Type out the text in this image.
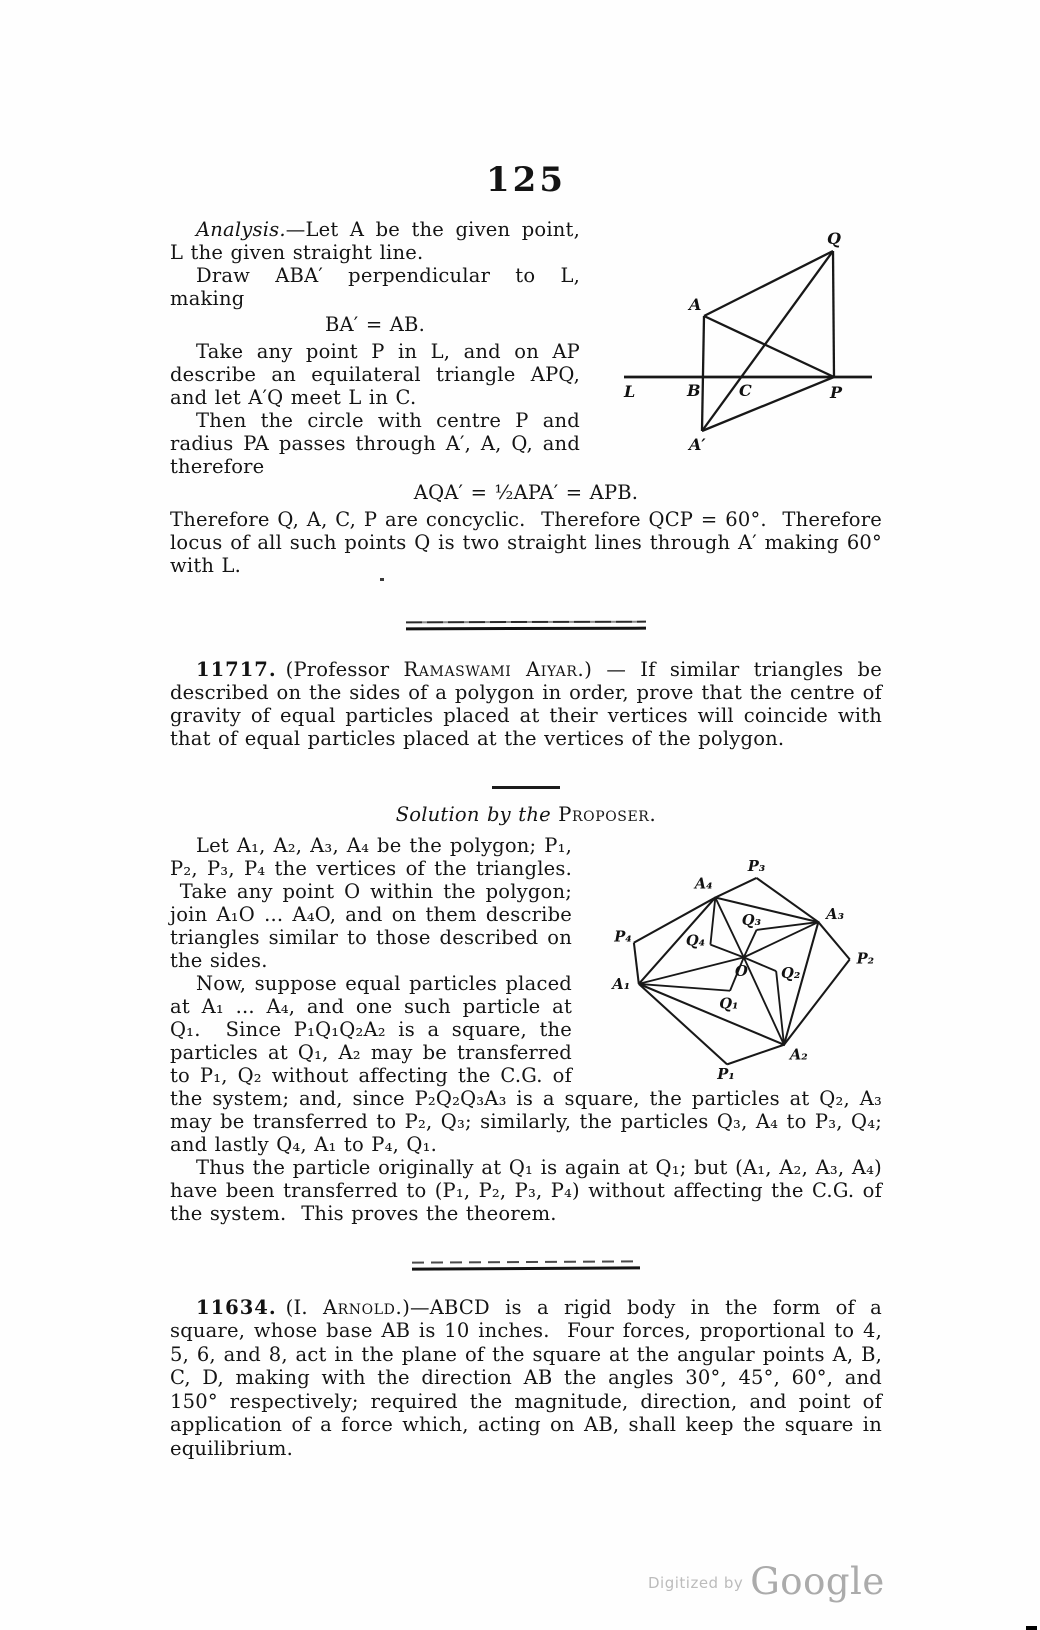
125
Q
A
L	B C	P
A′

Analysis.—Let A be the given point, L the given straight line.

Draw ABA′ perpendicular to L, making

BA′ = AB.

Take any point P in L, and on AP describe an equilateral triangle APQ, and let A′Q meet L in C.

Then the circle with centre P and radius PA passes through A′, A, Q, and therefore

AQA′ = ½APA′ = APB.

Therefore Q, A, C, P are concyclic.  Therefore QCP = 60°.  Therefore locus of all such points Q is two straight lines through A′ making 60° with L.

11717. (Professor Ramaswami Aiyar.) — If similar triangles be described on the sides of a polygon in order, prove that the centre of gravity of equal particles placed at their vertices will coincide with that of equal particles placed at the vertices of the polygon.

Solution by the Proposer.

P₃
A₄
A₃
P₄
Q₃
Q₄
P₂
O Q₂
A₁
Q₁
A₂
P₁

Let A₁, A₂, A₃, A₄ be the polygon; P₁, P₂, P₃, P₄ the vertices of the triangles.  Take any point O within the polygon; join A₁O ... A₄O, and on them describe triangles similar to those described on the sides.

Now, suppose equal particles placed at A₁ ... A₄, and one such particle at Q₁.  Since P₁Q₁Q₂A₂ is a square, the particles at Q₁, A₂ may be transferred to P₁, Q₂ without affecting the C.G. of the system; and, since P₂Q₂Q₃A₃ is a square, the particles at Q₂, A₃ may be transferred to P₂, Q₃; similarly, the particles Q₃, A₄ to P₃, Q₄; and lastly Q₄, A₁ to P₄, Q₁.

Thus the particle originally at Q₁ is again at Q₁; but (A₁, A₂, A₃, A₄) have been transferred to (P₁, P₂, P₃, P₄) without affecting the C.G. of the system.  This proves the theorem.

11634. (I. Arnold.)—ABCD is a rigid body in the form of a square, whose base AB is 10 inches.  Four forces, proportional to 4, 5, 6, and 8, act in the plane of the square at the angular points A, B, C, D, making with the direction AB the angles 30°, 45°, 60°, and 150° respectively; required the magnitude, direction, and point of application of a force which, acting on AB, shall keep the square in equilibrium.

Digitized by Google
